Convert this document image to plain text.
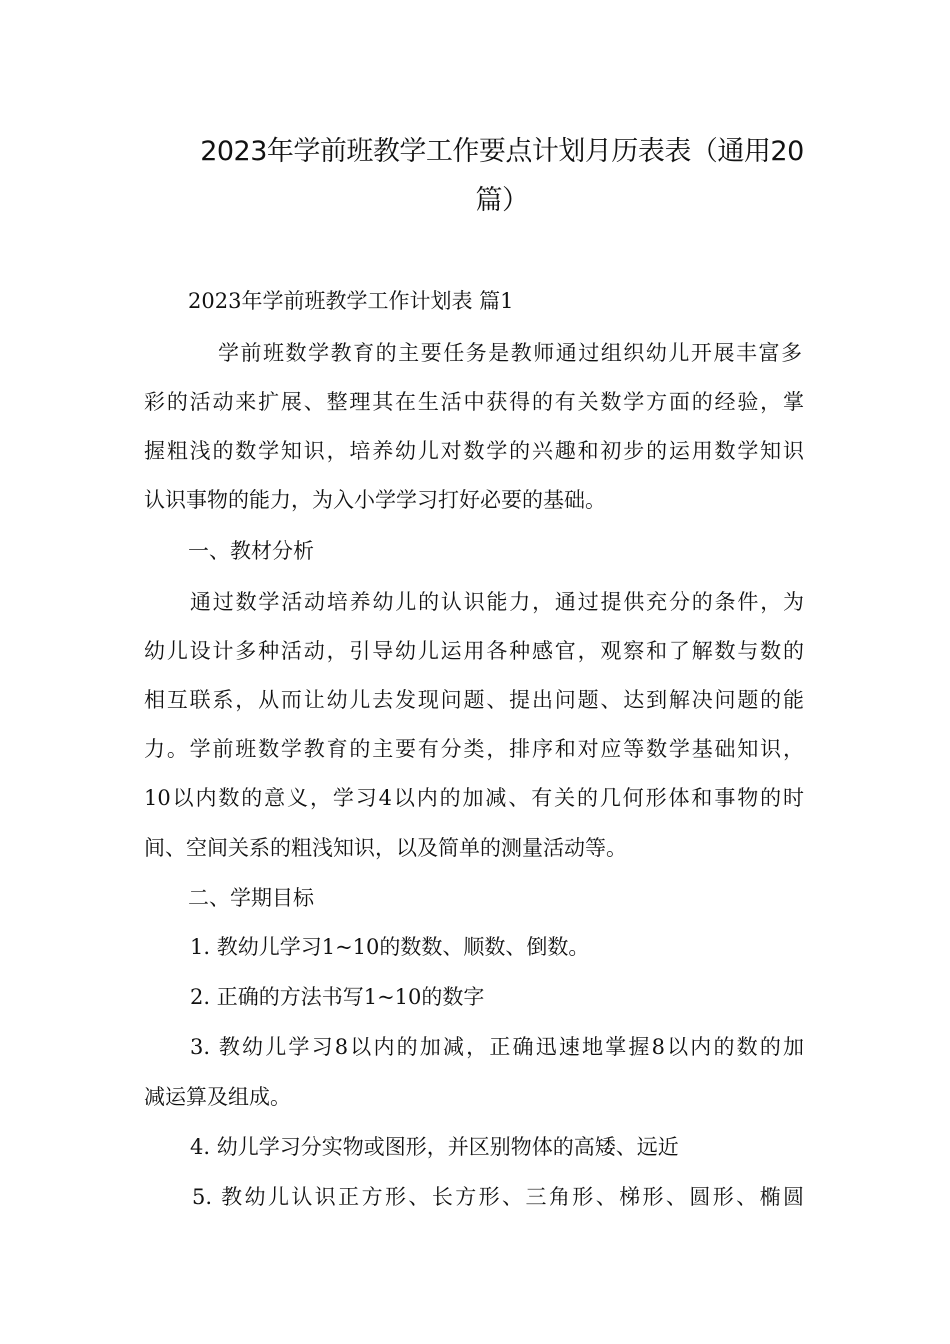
2023年学前班教学工作要点计划月历表表（通用20
篇）
2023年学前班教学工作计划表 篇1
学前班数学教育的主要任务是教师通过组织幼儿开展丰富多
彩的活动来扩展、整理其在生活中获得的有关数学方面的经验，掌
握粗浅的数学知识，培养幼儿对数学的兴趣和初步的运用数学知识
认识事物的能力，为入小学学习打好必要的基础。
一、教材分析
通过数学活动培养幼儿的认识能力，通过提供充分的条件，为
幼儿设计多种活动，引导幼儿运用各种感官，观察和了解数与数的
相互联系，从而让幼儿去发现问题、提出问题、达到解决问题的能
力。学前班数学教育的主要有分类，排序和对应等数学基础知识，
10以内数的意义，学习4以内的加减、有关的几何形体和事物的时
间、空间关系的粗浅知识，以及简单的测量活动等。
二、学期目标
1. 教幼儿学习1~10的数数、顺数、倒数。
2. 正确的方法书写1~10的数字
3. 教幼儿学习8以内的加减，正确迅速地掌握8以内的数的加
减运算及组成。
4. 幼儿学习分实物或图形，并区别物体的高矮、远近
5. 教幼儿认识正方形、长方形、三角形、梯形、圆形、椭圆
